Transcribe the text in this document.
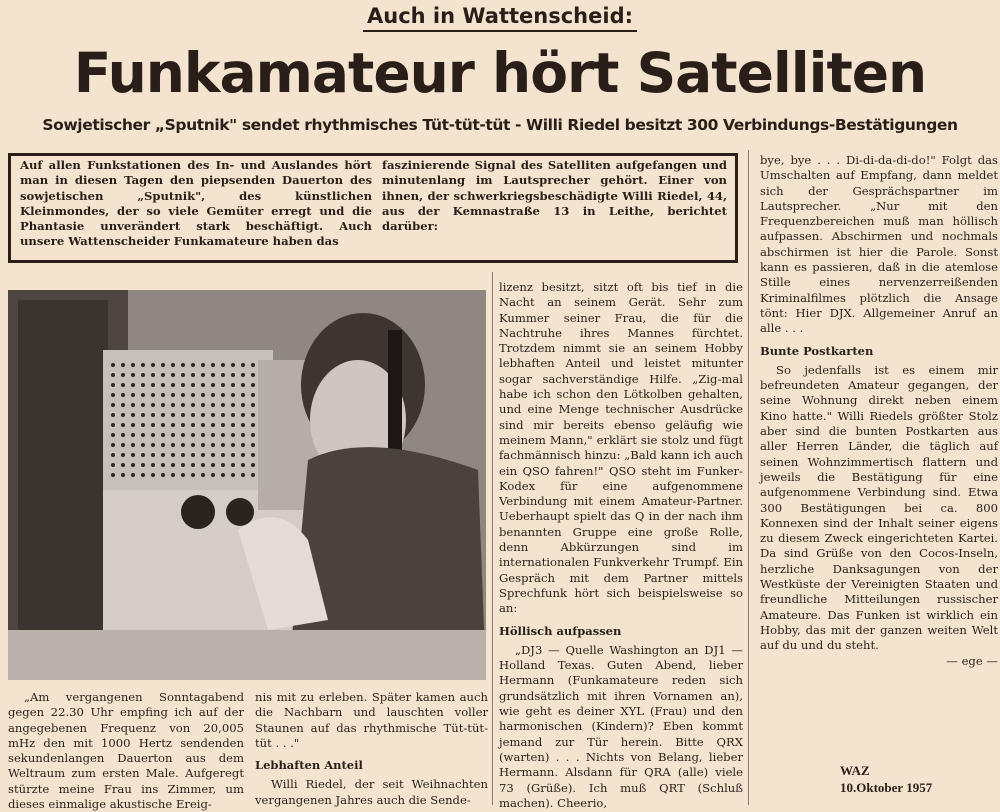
Auch in Wattenscheid:
Funkamateur hört Satelliten
Sowjetischer „Sputnik" sendet rhythmisches Tüt-tüt-tüt - Willi Riedel besitzt 300 Verbindungs-Bestätigungen
Auf allen Funkstationen des In- und Auslandes hört man in diesen Tagen den piepsenden Dauerton des sowjetischen „Sputnik", des künstlichen Kleinmondes, der so viele Gemüter erregt und die Phantasie unverändert stark beschäftigt. Auch unsere Wattenscheider Funkamateure haben das
faszinierende Signal des Satelliten aufgefangen und minutenlang im Lautsprecher gehört. Einer von ihnen, der schwerkriegsbeschädigte Willi Riedel, 44, aus der Kemnastraße 13 in Leithe, berichtet darüber:

„Am vergangenen Sonntagabend gegen 22.30 Uhr empfing ich auf der angegebenen Frequenz von 20,005 mHz den mit 1000 Hertz sendenden sekundenlangen Dauerton aus dem Weltraum zum ersten Male. Aufgeregt stürzte meine Frau ins Zimmer, um dieses einmalige akustische Ereig-

nis mit zu erleben. Später kamen auch die Nachbarn und lauschten voller Staunen auf das rhythmische Tüt-tüt-tüt . . ."

Lebhaften Anteil

Willi Riedel, der seit Weihnachten vergangenen Jahres auch die Sende-

lizenz besitzt, sitzt oft bis tief in die Nacht an seinem Gerät. Sehr zum Kummer seiner Frau, die für die Nachtruhe ihres Mannes fürchtet. Trotzdem nimmt sie an seinem Hobby lebhaften Anteil und leistet mitunter sogar sachverständige Hilfe. „Zig-mal habe ich schon den Lötkolben gehalten, und eine Menge technischer Ausdrücke sind mir bereits ebenso geläufig wie meinem Mann," erklärt sie stolz und fügt fachmännisch hinzu: „Bald kann ich auch ein QSO fahren!" QSO steht im Funker-Kodex für eine aufgenommene Verbindung mit einem Amateur-Partner. Ueberhaupt spielt das Q in der nach ihm benannten Gruppe eine große Rolle, denn Abkürzungen sind im internationalen Funkverkehr Trumpf. Ein Gespräch mit dem Partner mittels Sprechfunk hört sich beispielsweise so an:

Höllisch aufpassen

„DJ3 — Quelle Washington an DJ1 — Holland Texas. Guten Abend, lieber Hermann (Funkamateure reden sich grundsätzlich mit ihren Vornamen an), wie geht es deiner XYL (Frau) und den harmonischen (Kindern)? Eben kommt jemand zur Tür herein. Bitte QRX (warten) . . . Nichts von Belang, lieber Hermann. Alsdann für QRA (alle) viele 73 (Grüße). Ich muß QRT (Schluß machen). Cheerio,

bye, bye . . . Di-di-da-di-do!" Folgt das Umschalten auf Empfang, dann meldet sich der Gesprächspartner im Lautsprecher. „Nur mit den Frequenzbereichen muß man höllisch aufpassen. Abschirmen und nochmals abschirmen ist hier die Parole. Sonst kann es passieren, daß in die atemlose Stille eines nervenzerreißenden Kriminalfilmes plötzlich die Ansage tönt: Hier DJX. Allgemeiner Anruf an alle . . .

Bunte Postkarten

So jedenfalls ist es einem mir befreundeten Amateur gegangen, der seine Wohnung direkt neben einem Kino hatte." Willi Riedels größter Stolz aber sind die bunten Postkarten aus aller Herren Länder, die täglich auf seinen Wohnzimmertisch flattern und jeweils die Bestätigung für eine aufgenommene Verbindung sind. Etwa 300 Bestätigungen bei ca. 800 Konnexen sind der Inhalt seiner eigens zu diesem Zweck eingerichteten Kartei. Da sind Grüße von den Cocos-Inseln, herzliche Danksagungen von der Westküste der Vereinigten Staaten und freundliche Mitteilungen russischer Amateure. Das Funken ist wirklich ein Hobby, das mit der ganzen weiten Welt auf du und du steht.

— ege —

WAZ
10.Oktober 1957
